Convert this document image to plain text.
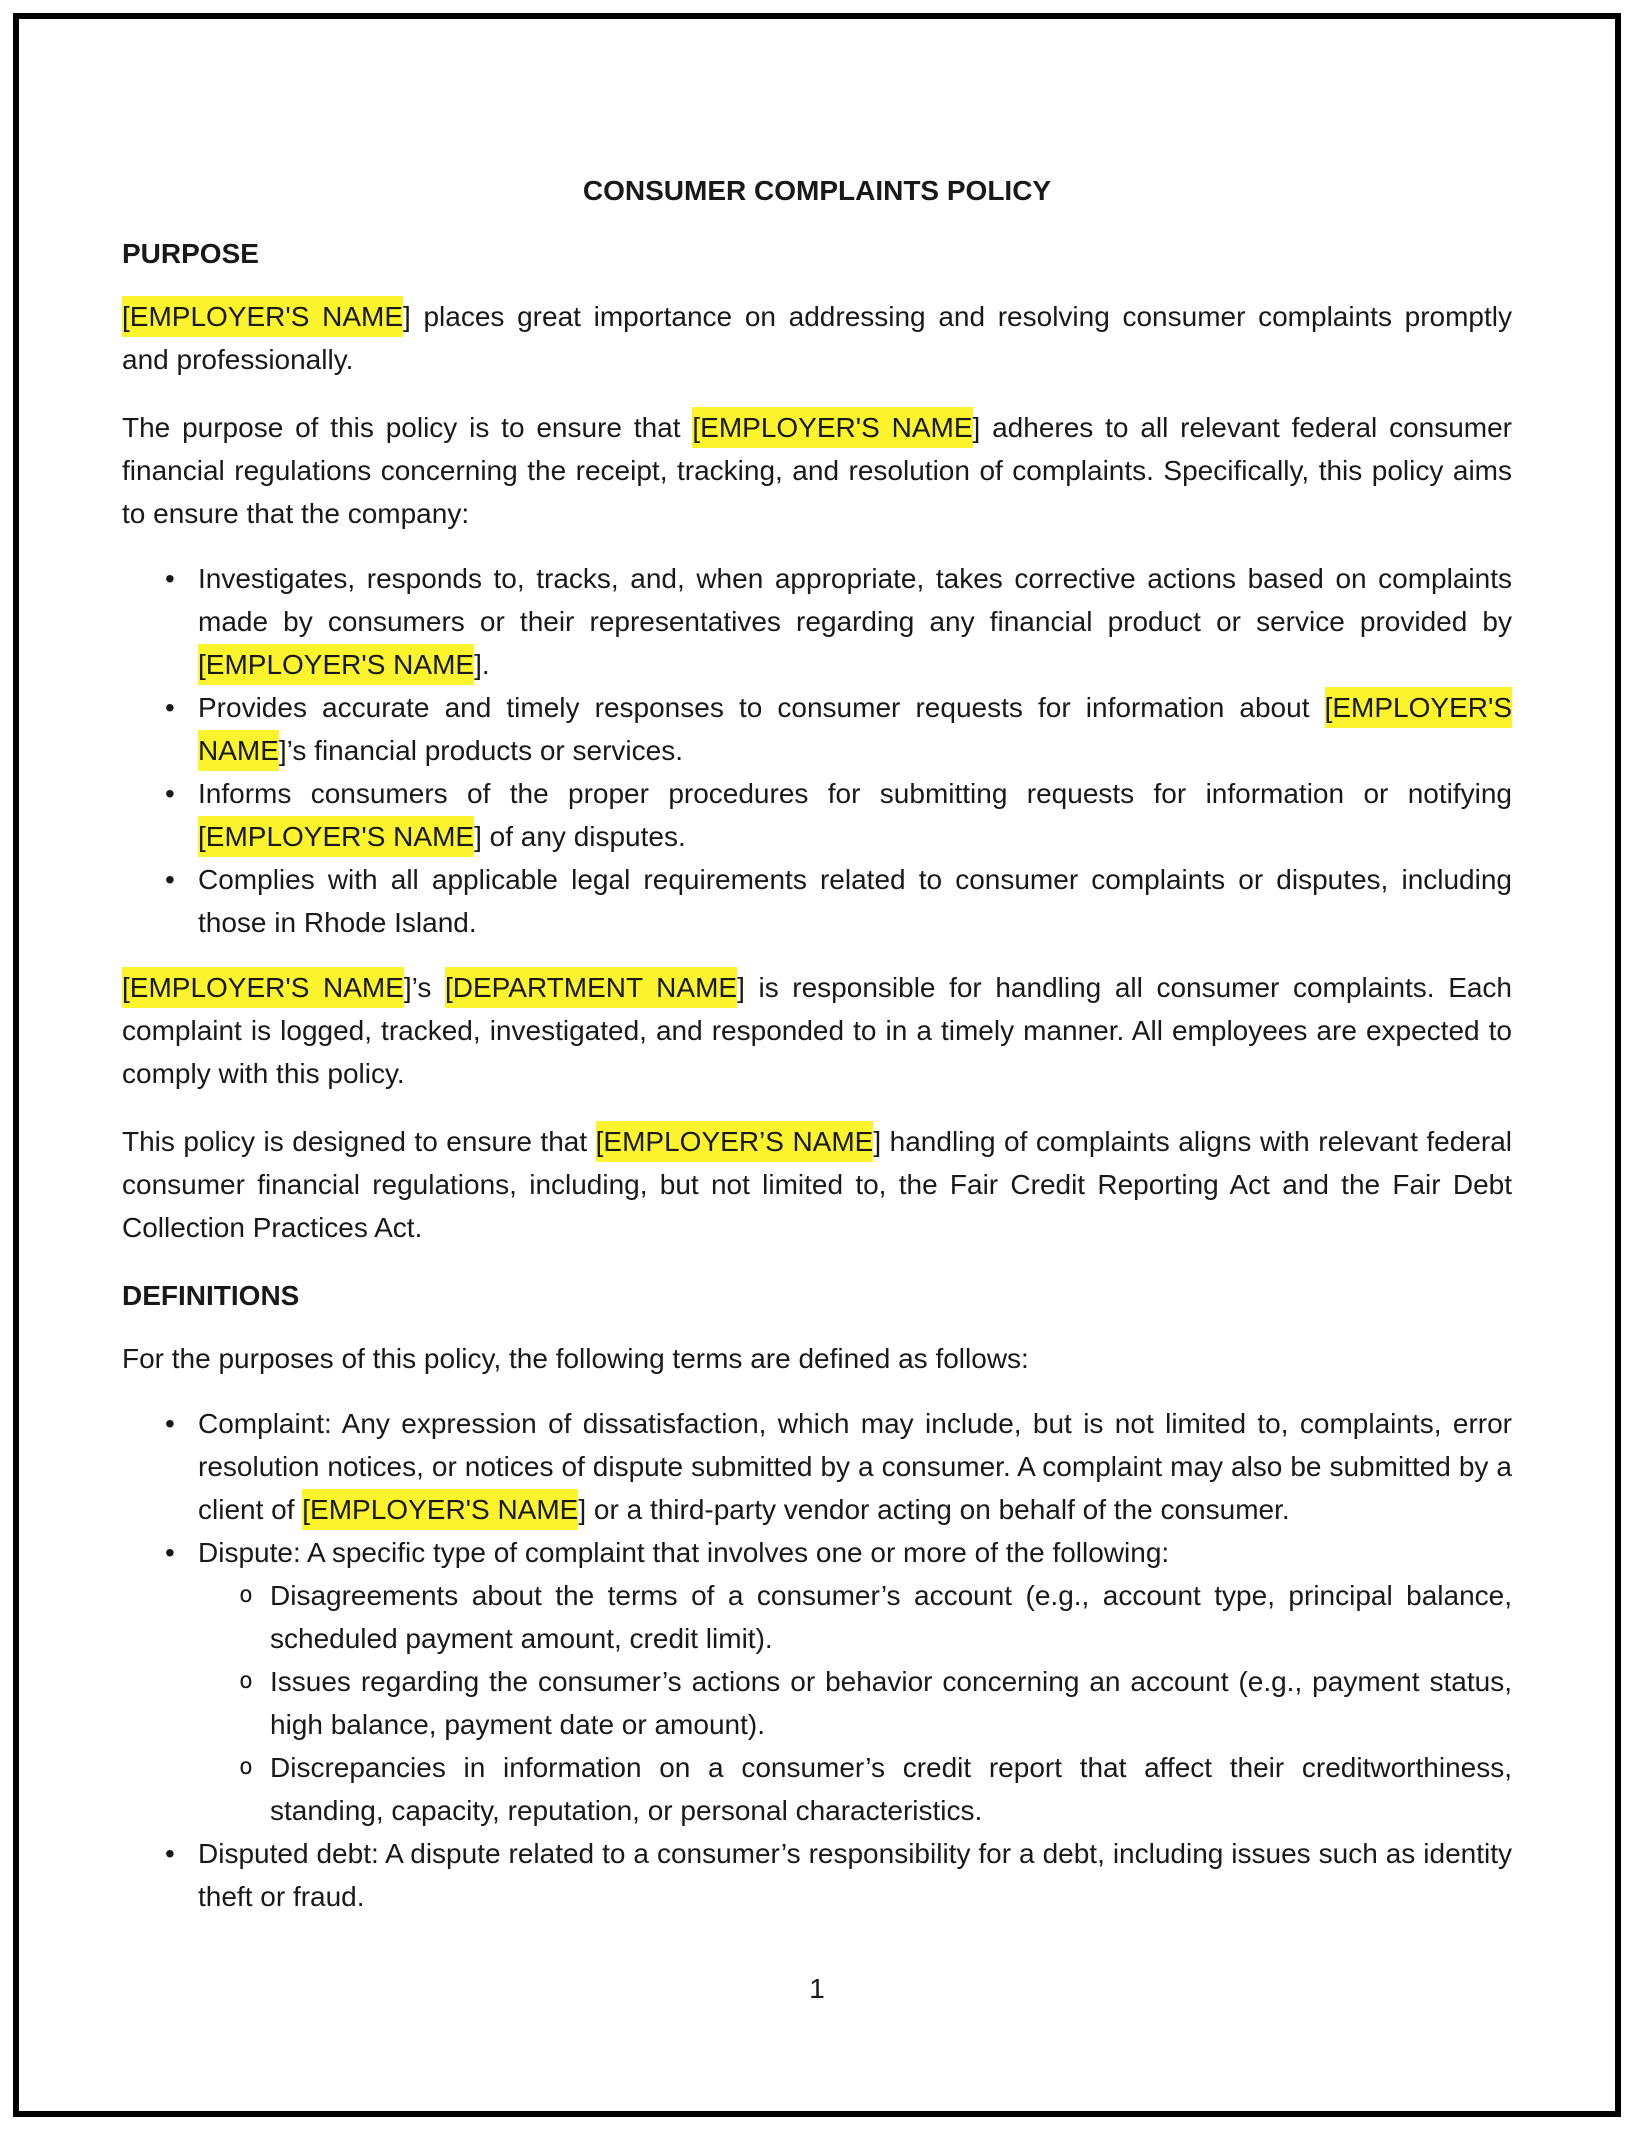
CONSUMER COMPLAINTS POLICY
PURPOSE

[EMPLOYER'S NAME] places great importance on addressing and resolving consumer complaints promptly and professionally.

The purpose of this policy is to ensure that [EMPLOYER'S NAME] adheres to all relevant federal consumer financial regulations concerning the receipt, tracking, and resolution of complaints. Specifically, this policy aims to ensure that the company:

• Investigates, responds to, tracks, and, when appropriate, takes corrective actions based on complaints made by consumers or their representatives regarding any financial product or service provided by [EMPLOYER'S NAME].
• Provides accurate and timely responses to consumer requests for information about [EMPLOYER'S NAME]’s financial products or services.
• Informs consumers of the proper procedures for submitting requests for information or notifying [EMPLOYER'S NAME] of any disputes.
• Complies with all applicable legal requirements related to consumer complaints or disputes, including those in Rhode Island.

[EMPLOYER'S NAME]’s [DEPARTMENT NAME] is responsible for handling all consumer complaints. Each complaint is logged, tracked, investigated, and responded to in a timely manner. All employees are expected to comply with this policy.

This policy is designed to ensure that [EMPLOYER’S NAME] handling of complaints aligns with relevant federal consumer financial regulations, including, but not limited to, the Fair Credit Reporting Act and the Fair Debt Collection Practices Act.

DEFINITIONS

For the purposes of this policy, the following terms are defined as follows:

• Complaint: Any expression of dissatisfaction, which may include, but is not limited to, complaints, error resolution notices, or notices of dispute submitted by a consumer. A complaint may also be submitted by a client of [EMPLOYER'S NAME] or a third-party vendor acting on behalf of the consumer.
• Dispute: A specific type of complaint that involves one or more of the following:
o Disagreements about the terms of a consumer’s account (e.g., account type, principal balance, scheduled payment amount, credit limit).
o Issues regarding the consumer’s actions or behavior concerning an account (e.g., payment status, high balance, payment date or amount).
o Discrepancies in information on a consumer’s credit report that affect their creditworthiness, standing, capacity, reputation, or personal characteristics.
• Disputed debt: A dispute related to a consumer’s responsibility for a debt, including issues such as identity theft or fraud.
1
